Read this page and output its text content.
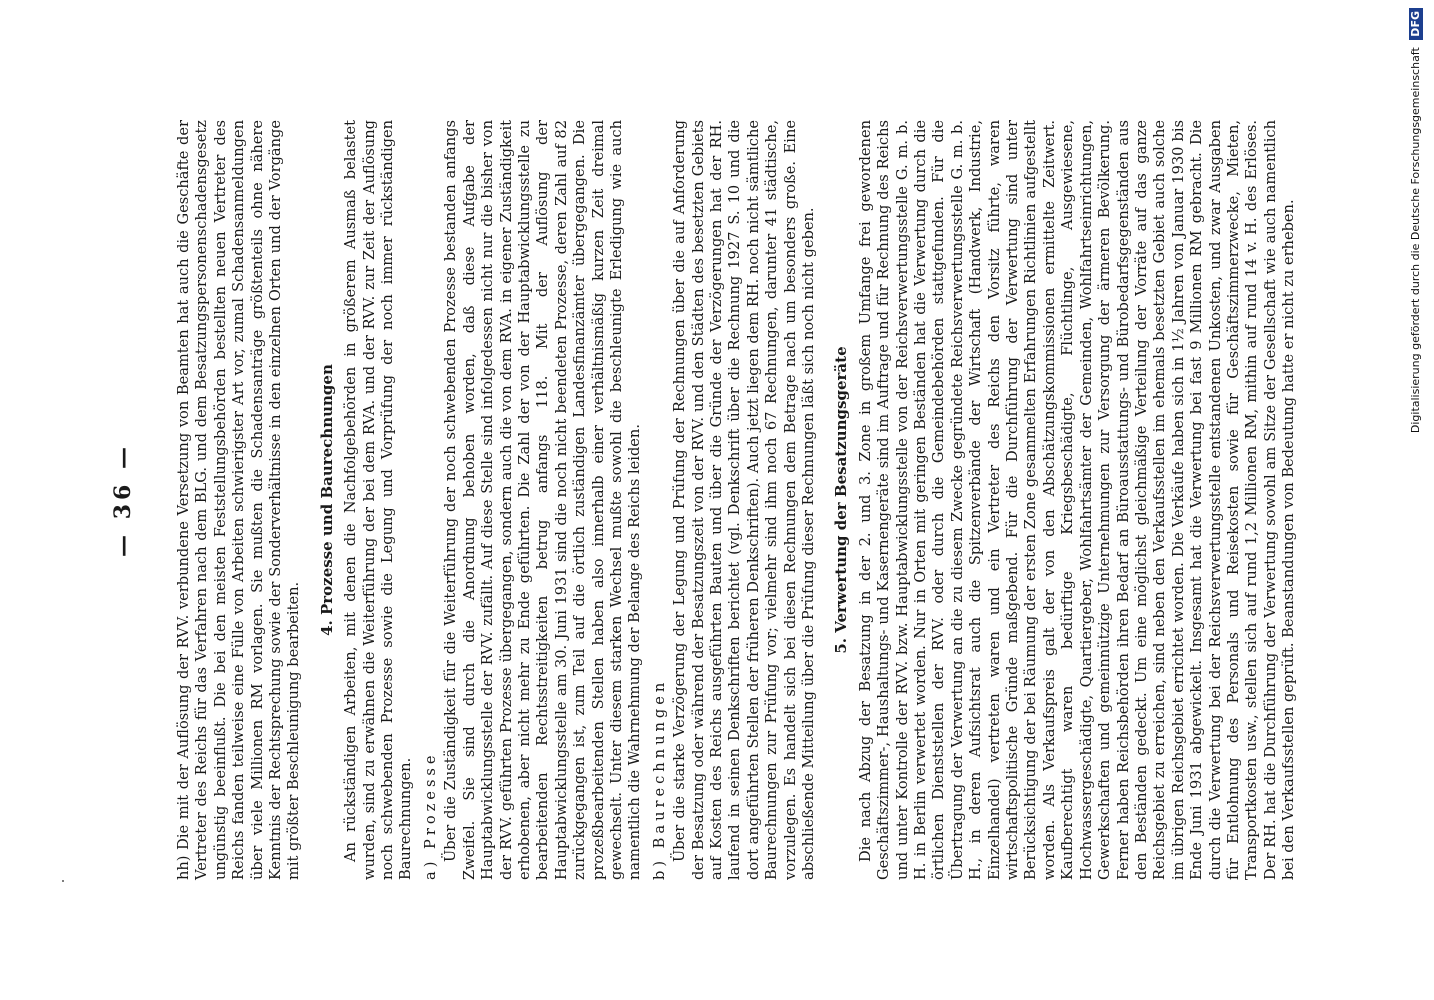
— 36 —	hh) Die mit der Auflösung der RVV. verbundene Versetzung von Beamten hat auch die Geschäfte der Vertreter des Reichs für das Verfahren nach dem BLG. und dem Besatzungspersonenschadensgesetz ungünstig beeinflußt. Die bei den meisten Feststellungsbehörden bestellten neuen Vertreter des Reichs fanden teilweise eine Fülle von Arbeiten schwierigster Art vor, zumal Schadensanmeldungen über viele Millionen RM vorlagen. Sie mußten die Schadensanträge größtenteils ohne nähere Kenntnis der Rechtsprechung sowie der Sonderverhältnisse in den einzelnen Orten und der Vorgänge mit größter Beschleunigung bearbeiten.

4. Prozesse und Baurechnungen An rückständigen Arbeiten, mit denen die Nachfolgebehörden in größerem Ausmaß belastet wurden, sind zu erwähnen die Weiterführung der bei dem RVA. und der RVV. zur Zeit der Auflösung noch schwebenden Prozesse sowie die Legung und Vorprüfung der noch immer rückständigen Baurechnungen. a) Prozesse Über die Zuständigkeit für die Weiterführung der noch schwebenden Prozesse bestanden anfangs Zweifel. Sie sind durch die Anordnung behoben worden, daß diese Aufgabe der Hauptabwicklungsstelle der RVV. zufällt. Auf diese Stelle sind infolgedessen nicht nur die bisher von der RVV. geführten Prozesse übergegangen, sondern auch die von dem RVA. in eigener Zuständigkeit erhobenen, aber nicht mehr zu Ende geführten. Die Zahl der von der Hauptabwicklungsstelle zu bearbeitenden Rechtsstreitigkeiten betrug anfangs 118. Mit der Auflösung der Hauptabwicklungsstelle am 30. Juni 1931 sind die noch nicht beendeten Prozesse, deren Zahl auf 82 zurückgegangen ist, zum Teil auf die örtlich zuständigen Landesfinanzämter übergegangen. Die prozeßbearbeitenden Stellen haben also innerhalb einer verhältnismäßig kurzen Zeit dreimal gewechselt. Unter diesem starken Wechsel mußte sowohl die beschleunigte Erledigung wie auch namentlich die Wahrnehmung der Belange des Reichs leiden. b) Baurechnungen Über die starke Verzögerung der Legung und Prüfung der Rechnungen über die auf Anforderung der Besatzung oder während der Besatzungszeit von der RVV. und den Städten des besetzten Gebiets auf Kosten des Reichs ausgeführten Bauten und über die Gründe der Verzögerungen hat der RH. laufend in seinen Denkschriften berichtet (vgl. Denkschrift über die Rechnung 1927 S. 10 und die dort angeführten Stellen der früheren Denkschriften). Auch jetzt liegen dem RH. noch nicht sämtliche Baurechnungen zur Prüfung vor; vielmehr sind ihm noch 67 Rechnungen, darunter 41 städtische, vorzulegen. Es handelt sich bei diesen Rechnungen dem Betrage nach um besonders große. Eine abschließende Mitteilung über die Prüfung dieser Rechnungen läßt sich noch nicht geben. 5. Verwertung der Besatzungsgeräte Die nach Abzug der Besatzung in der 2. und 3. Zone in großem Umfange frei gewordenen Geschäftszimmer-, Haushaltungs- und Kasernengeräte sind im Auftrage und für Rechnung des Reichs und unter Kontrolle der RVV. bzw. Hauptabwicklungsstelle von der Reichsverwertungsstelle G. m. b. H. in Berlin verwertet worden. Nur in Orten mit geringen Beständen hat die Verwertung durch die örtlichen Dienststellen der RVV. oder durch die Gemeindebehörden stattgefunden. Für die Übertragung der Verwertung an die zu diesem Zwecke gegründete Reichsverwertungsstelle G. m. b. H., in deren Aufsichtsrat auch die Spitzenverbände der Wirtschaft (Handwerk, Industrie, Einzelhandel) vertreten waren und ein Vertreter des Reichs den Vorsitz führte, waren wirtschaftspolitische Gründe maßgebend. Für die Durchführung der Verwertung sind unter Berücksichtigung der bei Räumung der ersten Zone gesammelten Erfahrungen Richtlinien aufgestellt worden. Als Verkaufspreis galt der von den Abschätzungskommissionen ermittelte Zeitwert. Kaufberechtigt waren bedürftige Kriegsbeschädigte, Flüchtlinge, Ausgewiesene, Hochwassergeschädigte, Quartiergeber, Wohlfahrtsämter der Gemeinden, Wohlfahrtseinrichtungen, Gewerkschaften und gemeinnützige Unternehmungen zur Versorgung der ärmeren Bevölkerung. Ferner haben Reichsbehörden ihren Bedarf an Büroausstattungs- und Bürobedarfsgegenständen aus den Beständen gedeckt. Um eine möglichst gleichmäßige Verteilung der Vorräte auf das ganze Reichsgebiet zu erreichen, sind neben den Verkaufsstellen im ehemals besetzten Gebiet auch solche im übrigen Reichsgebiet errichtet worden. Die Verkäufe haben sich in 1½ Jahren von Januar 1930 bis Ende Juni 1931 abgewickelt. Insgesamt hat die Verwertung bei fast 9 Millionen RM gebracht. Die durch die Verwertung bei der Reichsverwertungsstelle entstandenen Unkosten, und zwar Ausgaben für Entlohnung des Personals und Reisekosten sowie für Geschäftszimmerzwecke, Mieten, Transportkosten usw., stellen sich auf rund 1,2 Millionen RM, mithin auf rund 14 v. H. des Erlöses. Der RH. hat die Durchführung der Verwertung sowohl am Sitze der Gesellschaft wie auch namentlich bei den Verkaufsstellen geprüft. Beanstandungen von Bedeutung hatte er nicht zu erheben.	Digitalisierung gefördert durch die Deutsche Forschungsgemeinschaft DFG
